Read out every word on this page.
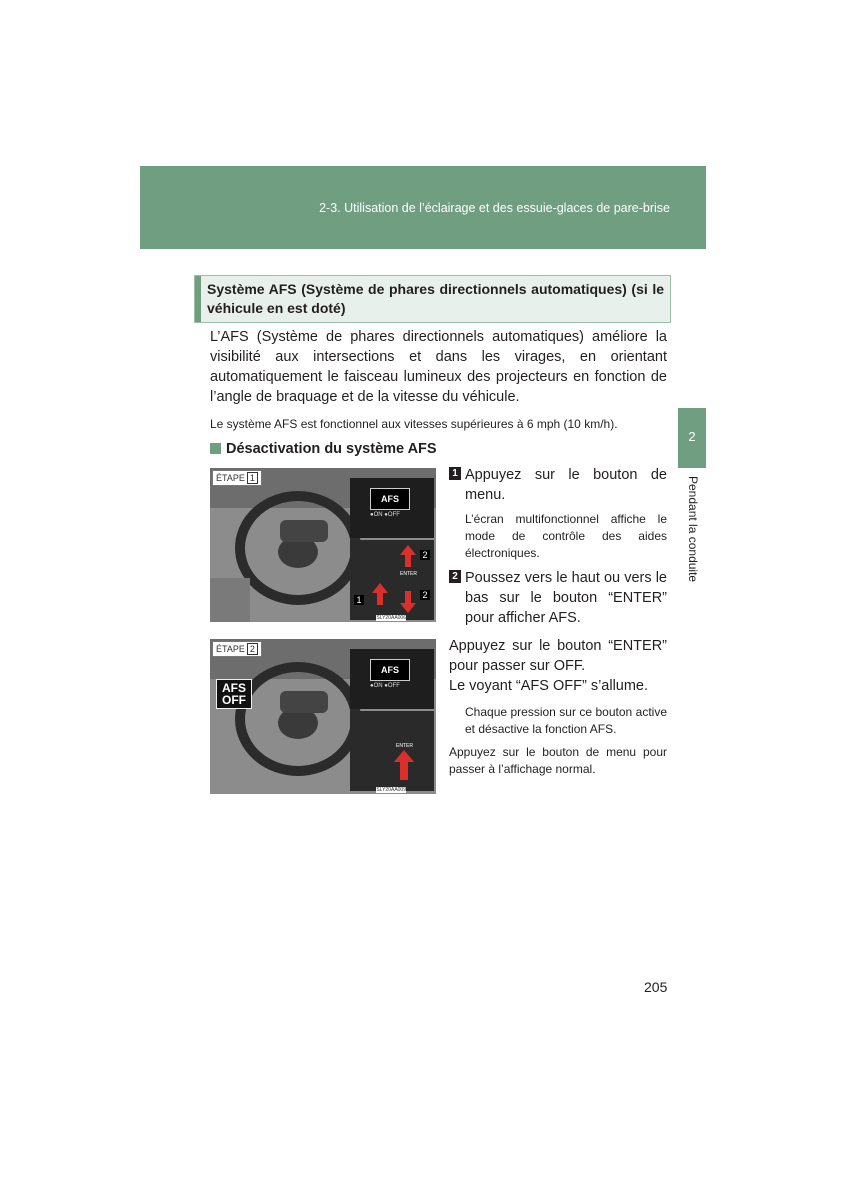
2-3. Utilisation de l’éclairage et des essuie-glaces de pare-brise
Système AFS (Système de phares directionnels automatiques) (si le véhicule en est doté)
L’AFS (Système de phares directionnels automatiques) améliore la visibilité aux intersections et dans les virages, en orientant automatiquement le faisceau lumineux des projecteurs en fonction de l’angle de braquage et de la vitesse du véhicule.
Le système AFS est fonctionnel aux vitesses supérieures à 6 mph (10 km/h).
Désactivation du système AFS
2
Pendant la conduite
AFS
●ON ●OFF
ENTER
1
2
2
ÉTAPE 1
SLY20AA006
1 Appuyez sur le bouton de menu.
L’écran multifonctionnel affiche le mode de contrôle des aides électroniques.
2 Poussez vers le haut ou vers le bas sur le bouton “ENTER” pour afficher AFS.
AFS
OFF
AFS
●ON ●OFF
ENTER
ÉTAPE 2
SLY20AA009
Appuyez sur le bouton “ENTER” pour passer sur OFF.
Le voyant “AFS OFF” s’allume.
Chaque pression sur ce bouton active et désactive la fonction AFS.
Appuyez sur le bouton de menu pour passer à l’affichage normal.
205
